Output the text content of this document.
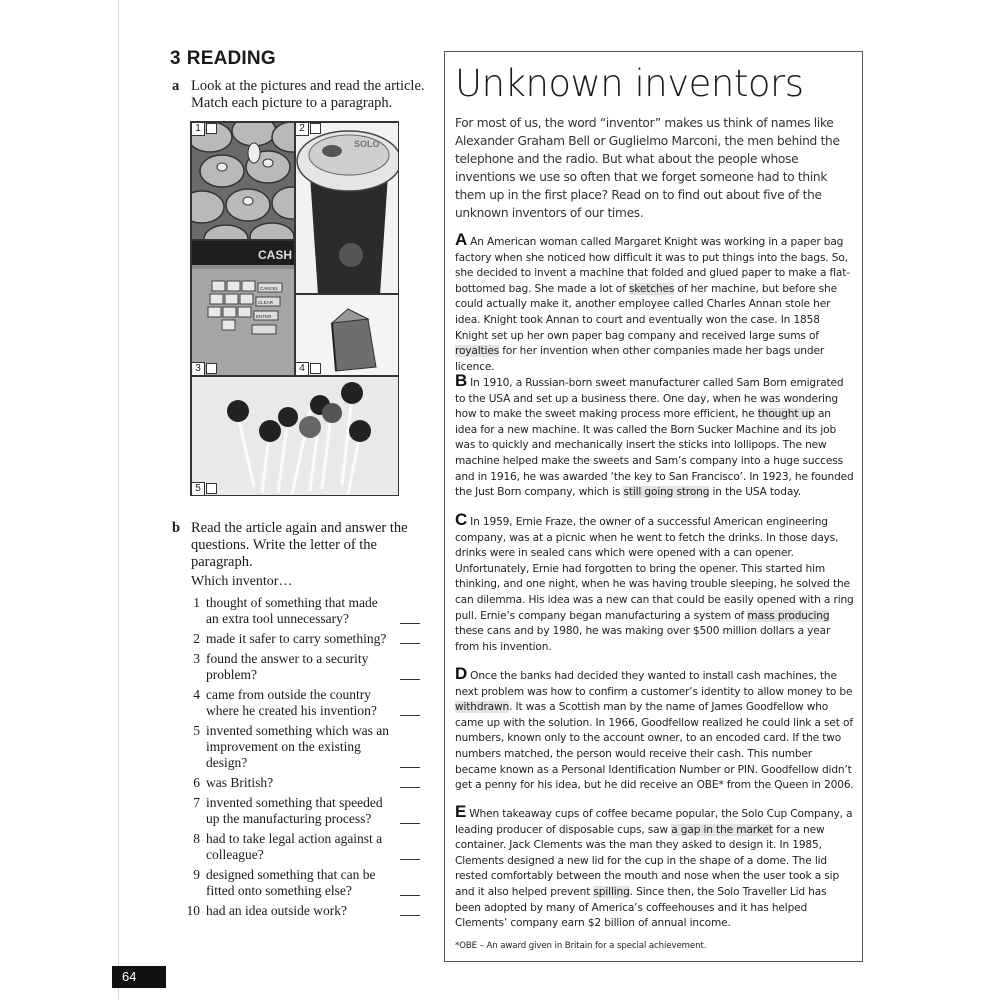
3 READING
a Look at the pictures and read the article. Match each picture to a paragraph.
SOLO
CASH
CANCEL
CLEAR
ENTER
1	2
3	4
5
b Read the article again and answer the questions. Write the letter of the paragraph.
Which inventor…
1 thought of something that made an extra tool unnecessary?
2 made it safer to carry something?
3 found the answer to a security problem?
4 came from outside the country where he created his invention?
5 invented something which was an improvement on the existing design?
6 was British?
7 invented something that speeded up the manufacturing process?
8 had to take legal action against a colleague?
9 designed something that can be fitted onto something else?
10 had an idea outside work?
64
Unknown inventors
For most of us, the word “inventor” makes us think of names like Alexander Graham Bell or Guglielmo Marconi, the men behind the telephone and the radio. But what about the people whose inventions we use so often that we forget someone had to think them up in the first place? Read on to find out about five of the unknown inventors of our times.
A An American woman called Margaret Knight was working in a paper bag factory when she noticed how difficult it was to put things into the bags. So, she decided to invent a machine that folded and glued paper to make a flat-bottomed bag. She made a lot of sketches of her machine, but before she could actually make it, another employee called Charles Annan stole her idea. Knight took Annan to court and eventually won the case. In 1858 Knight set up her own paper bag company and received large sums of royalties for her invention when other companies made her bags under licence.
B In 1910, a Russian-born sweet manufacturer called Sam Born emigrated to the USA and set up a business there. One day, when he was wondering how to make the sweet making process more efficient, he thought up an idea for a new machine. It was called the Born Sucker Machine and its job was to quickly and mechanically insert the sticks into lollipops. The new machine helped make the sweets and Sam’s company into a huge success and in 1916, he was awarded ‘the key to San Francisco’. In 1923, he founded the Just Born company, which is still going strong in the USA today.
C In 1959, Ernie Fraze, the owner of a successful American engineering company, was at a picnic when he went to fetch the drinks. In those days, drinks were in sealed cans which were opened with a can opener. Unfortunately, Ernie had forgotten to bring the opener. This started him thinking, and one night, when he was having trouble sleeping, he solved the can dilemma. His idea was a new can that could be easily opened with a ring pull. Ernie’s company began manufacturing a system of mass producing these cans and by 1980, he was making over $500 million dollars a year from his invention.
D Once the banks had decided they wanted to install cash machines, the next problem was how to confirm a customer’s identity to allow money to be withdrawn. It was a Scottish man by the name of James Goodfellow who came up with the solution. In 1966, Goodfellow realized he could link a set of numbers, known only to the account owner, to an encoded card. If the two numbers matched, the person would receive their cash. This number became known as a Personal Identification Number or PIN. Goodfellow didn’t get a penny for his idea, but he did receive an OBE* from the Queen in 2006.
E When takeaway cups of coffee became popular, the Solo Cup Company, a leading producer of disposable cups, saw a gap in the market for a new container. Jack Clements was the man they asked to design it. In 1985, Clements designed a new lid for the cup in the shape of a dome. The lid rested comfortably between the mouth and nose when the user took a sip and it also helped prevent spilling. Since then, the Solo Traveller Lid has been adopted by many of America’s coffeehouses and it has helped Clements’ company earn $2 billion of annual income.
*OBE – An award given in Britain for a special achievement.
